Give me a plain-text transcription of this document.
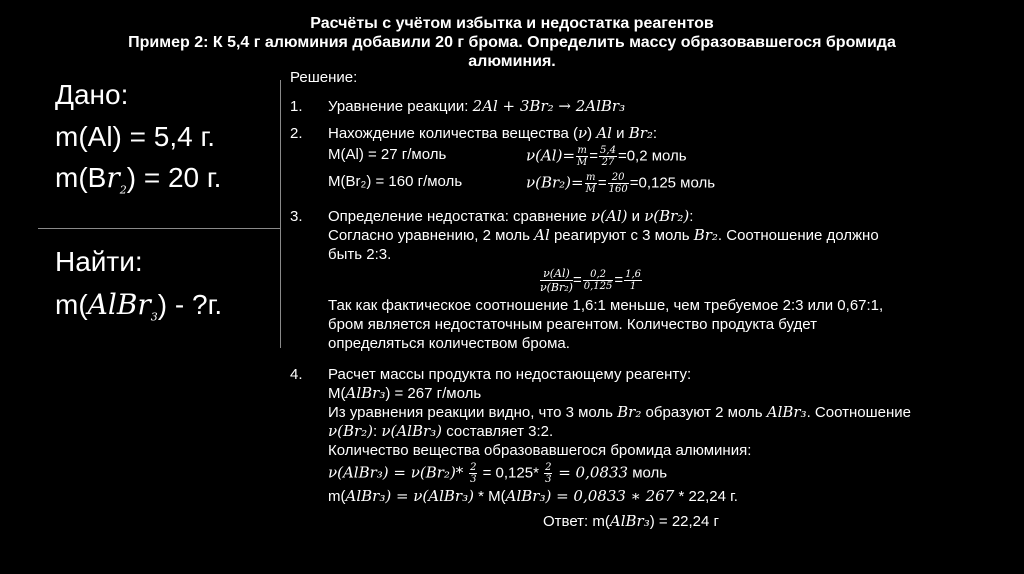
Расчёты с учётом избытка и недостатка реагентов
Пример 2: К 5,4 г алюминия добавили 20 г брома. Определить массу образовавшегося бромида
алюминия.
Дано:
m(Al) = 5,4 г.
$m(Br_2) = 20$ г.
Найти:
m(AlBr$_3$) - ?г.
Решение:
1. Уравнение реакции: 2Al + 3Br₂ → 2AlBr₃
2. Нахождение количества вещества (ν) Al и Br₂:
M(Al) = 27 г/моль	$\nu(Al)= \frac{m}{M} = \frac{5,4}{27} =0,2$ моль
M(Br₂) = 160 г/моль	$\nu(Br_2)= \frac{m}{M} = \frac{20}{160} =0,125$ моль
3. Определение недостатка: сравнение ν(Al) и ν(Br₂):
Согласно уравнению, 2 моль Al реагируют с 3 моль Br₂. Соотношение должно
быть 2:3.
$\frac{\nu(Al)}{\text{ν(Br₂)}} = \frac{0,2}{0,125} = \frac{1,6}{1}$
Так как фактическое соотношение 1,6:1 меньше, чем требуемое 2:3 или 0,67:1,
бром является недостаточным реагентом. Количество продукта будет
определяться количеством брома.
4. Расчет массы продукта по недостающему реагенту:
M(AlBr₃) = 267 г/моль
Из уравнения реакции видно, что 3 моль Br₂ образуют 2 моль AlBr₃. Соотношение
ν(Br₂): ν(AlBr₃) составляет 3:2.
Количество вещества образовавшегося бромида алюминия:
ν(AlBr₃) = $\nu(Br_2)* \frac{2}{3} = 0,125* \frac{2}{3} = 0,0833$ моль
m(AlBr₃) = ν(AlBr₃) * M(AlBr₃) = 0,0833 ∗ 267 * 22,24 г.
Ответ: m(AlBr₃) = 22,24 г
